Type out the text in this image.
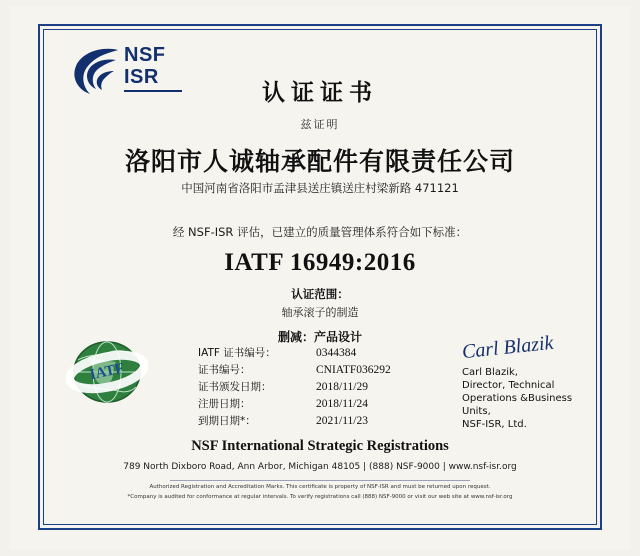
NSF
ISR
认证证书
兹证明
洛阳市人诚轴承配件有限责任公司
中国河南省洛阳市孟津县送庄镇送庄村梁新路 471121
经 NSF-ISR 评估，已建立的质量管理体系符合如下标准：
IATF 16949:2016
认证范围：
轴承滚子的制造
删减：产品设计
IATF
IATF 证书编号：	0344384
证书编号：	CNIATF036292
证书颁发日期：	2018/11/29
注册日期：	2018/11/24
到期日期*：	2021/11/23
Carl Blazik
Carl Blazik,
Director, Technical
Operations &Business Units,
NSF-ISR, Ltd.
NSF International Strategic Registrations
789 North Dixboro Road, Ann Arbor, Michigan 48105 | (888) NSF-9000 | www.nsf-isr.org
Authorized Registration and Accreditation Marks. This certificate is property of NSF-ISR and must be returned upon request.
*Company is audited for conformance at regular intervals. To verify registrations call (888) NSF-9000 or visit our web site at www.nsf-isr.org
